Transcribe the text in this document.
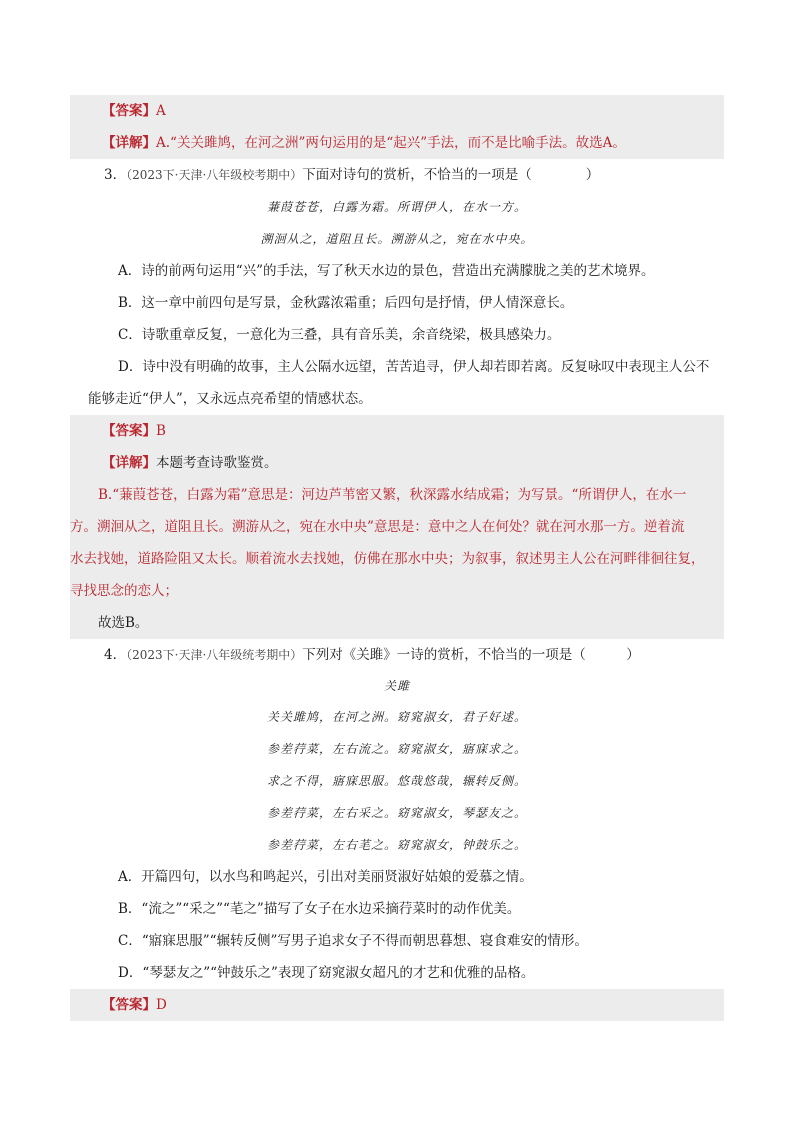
【答案】A
【详解】A.“关关雎鸠，在河之洲”两句运用的是“起兴”手法，而不是比喻手法。故选A。
3．（2023下·天津·八年级校考期中）下面对诗句的赏析，不恰当的一项是（　　　　）
蒹葭苍苍，白露为霜。所谓伊人，在水一方。
溯洄从之，道阻且长。溯游从之，宛在水中央。
A．诗的前两句运用“兴”的手法，写了秋天水边的景色，营造出充满朦胧之美的艺术境界。
B．这一章中前四句是写景，金秋露浓霜重；后四句是抒情，伊人情深意长。
C．诗歌重章反复，一意化为三叠，具有音乐美，余音绕梁，极具感染力。
D．诗中没有明确的故事，主人公隔水远望，苦苦追寻，伊人却若即若离。反复咏叹中表现主人公不
能够走近“伊人”，又永远点亮希望的情感状态。
【答案】B
【详解】本题考查诗歌鉴赏。
B.“蒹葭苍苍，白露为霜”意思是：河边芦苇密又繁，秋深露水结成霜；为写景。“所谓伊人，在水一
方。溯洄从之，道阻且长。溯游从之，宛在水中央”意思是：意中之人在何处？就在河水那一方。逆着流
水去找她，道路险阻又太长。顺着流水去找她，仿佛在那水中央；为叙事，叙述男主人公在河畔徘徊往复，
寻找思念的恋人；
故选B。
4．（2023下·天津·八年级统考期中）下列对《关雎》一诗的赏析，不恰当的一项是（　　　）
关雎
关关雎鸠，在河之洲。窈窕淑女，君子好逑。
参差荇菜，左右流之。窈窕淑女，寤寐求之。
求之不得，寤寐思服。悠哉悠哉，辗转反侧。
参差荇菜，左右采之。窈窕淑女，琴瑟友之。
参差荇菜，左右芼之。窈窕淑女，钟鼓乐之。
A．开篇四句，以水鸟和鸣起兴，引出对美丽贤淑好姑娘的爱慕之情。
B．“流之”“采之”“芼之”描写了女子在水边采摘荇菜时的动作优美。
C．“寤寐思服”“辗转反侧”写男子追求女子不得而朝思暮想、寝食难安的情形。
D．“琴瑟友之”“钟鼓乐之”表现了窈窕淑女超凡的才艺和优雅的品格。
【答案】D
